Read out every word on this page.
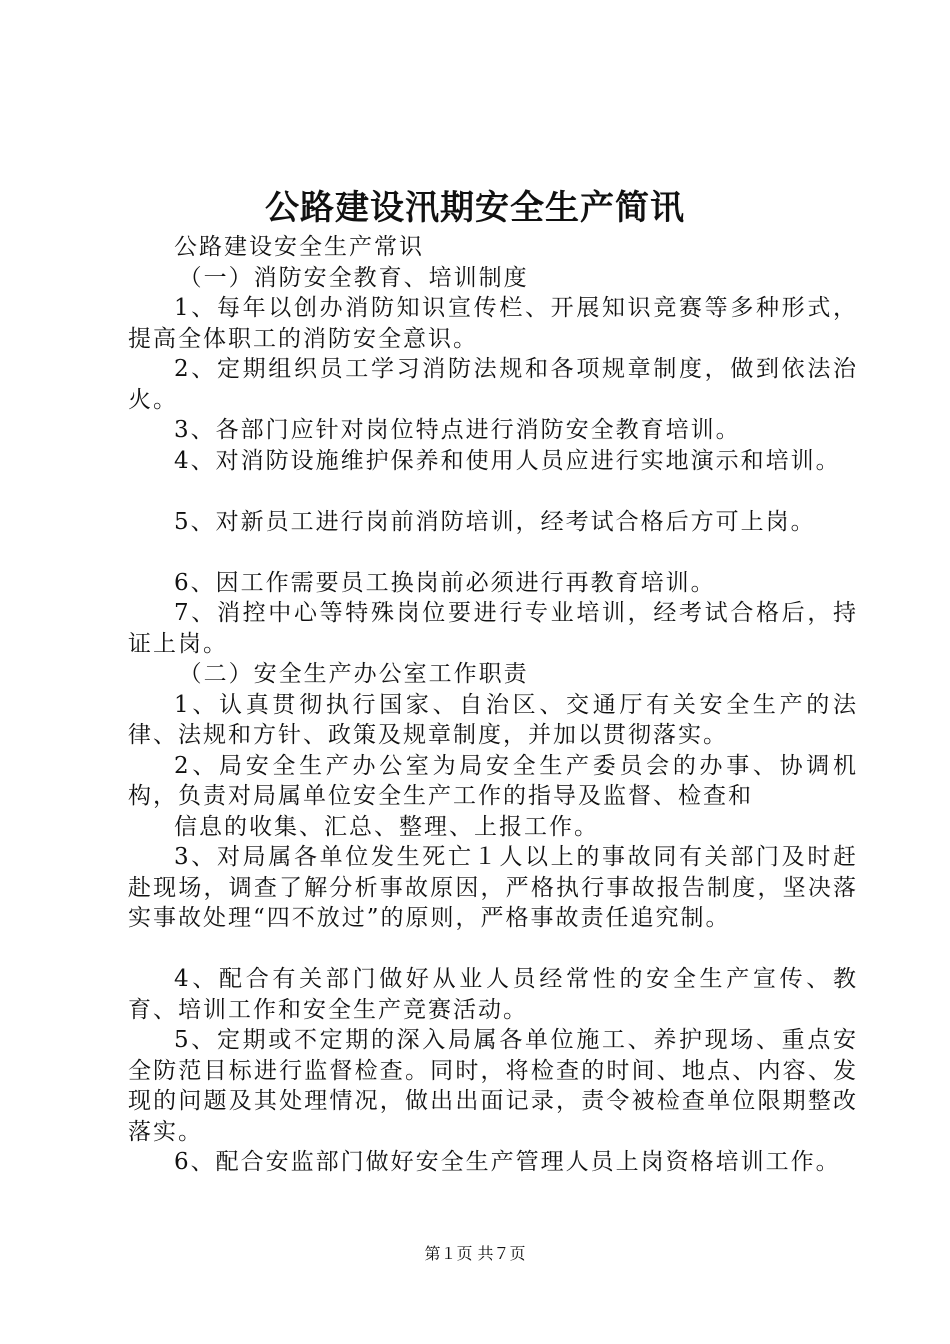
公路建设汛期安全生产简讯

公路建设安全生产常识

（一）消防安全教育、培训制度

1、每年以创办消防知识宣传栏、开展知识竞赛等多种形式，提高全体职工的消防安全意识。

2、定期组织员工学习消防法规和各项规章制度，做到依法治火。

3、各部门应针对岗位特点进行消防安全教育培训。

4、对消防设施维护保养和使用人员应进行实地演示和培训。

5、对新员工进行岗前消防培训，经考试合格后方可上岗。

6、因工作需要员工换岗前必须进行再教育培训。

7、消控中心等特殊岗位要进行专业培训，经考试合格后，持证上岗。

（二）安全生产办公室工作职责

1、认真贯彻执行国家、自治区、交通厅有关安全生产的法律、法规和方针、政策及规章制度，并加以贯彻落实。

2、局安全生产办公室为局安全生产委员会的办事、协调机构，负责对局属单位安全生产工作的指导及监督、检查和

信息的收集、汇总、整理、上报工作。

3、对局属各单位发生死亡１人以上的事故同有关部门及时赶赴现场，调查了解分析事故原因，严格执行事故报告制度，坚决落实事故处理“四不放过”的原则，严格事故责任追究制。

4、配合有关部门做好从业人员经常性的安全生产宣传、教育、培训工作和安全生产竞赛活动。

5、定期或不定期的深入局属各单位施工、养护现场、重点安全防范目标进行监督检查。同时，将检查的时间、地点、内容、发现的问题及其处理情况，做出出面记录，责令被检查单位限期整改落实。

6、配合安监部门做好安全生产管理人员上岗资格培训工作。

第１页 共７页
